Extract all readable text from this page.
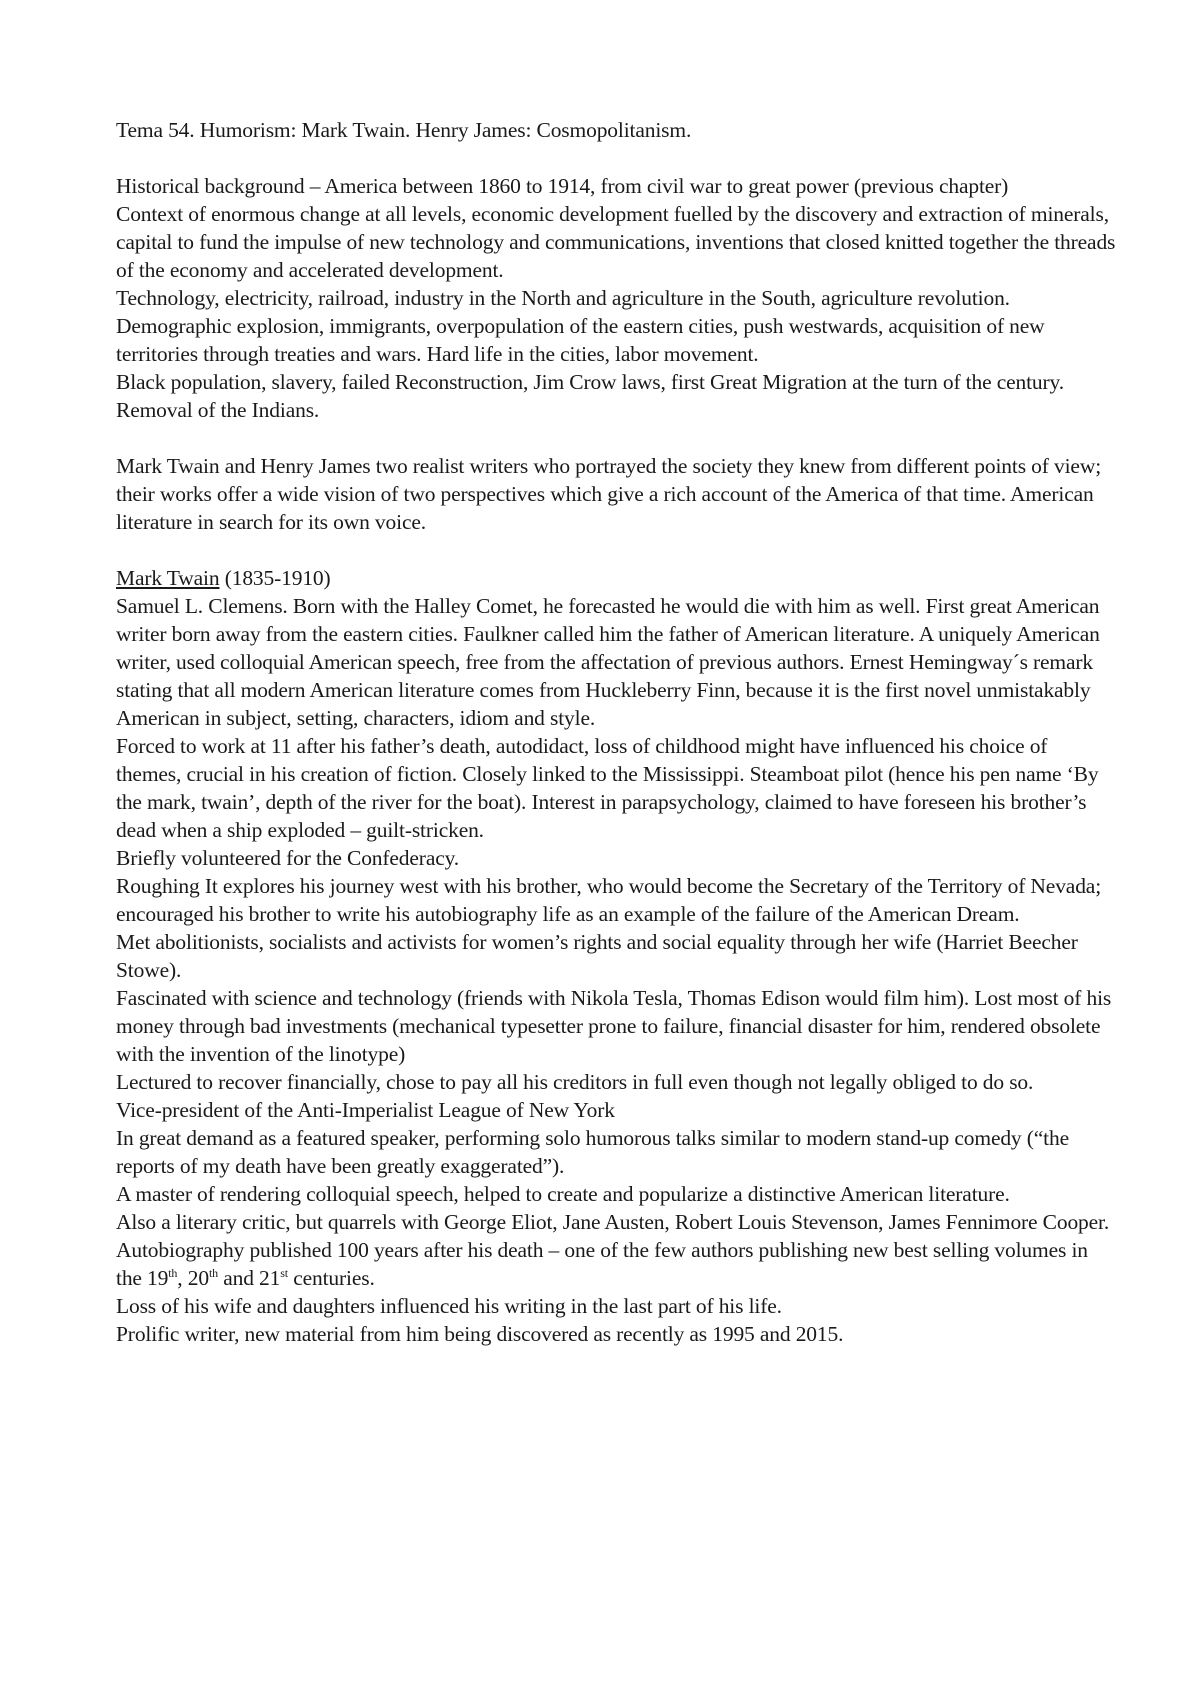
Tema 54. Humorism: Mark Twain. Henry James: Cosmopolitanism.

Historical background – America between 1860 to 1914, from civil war to great power (previous chapter)

Context of enormous change at all levels, economic development fuelled by the discovery and extraction of minerals, capital to fund the impulse of new technology and communications, inventions that closed knitted together the threads of the economy and accelerated development.

Technology, electricity, railroad, industry in the North and agriculture in the South, agriculture revolution. Demographic explosion, immigrants, overpopulation of the eastern cities, push westwards, acquisition of new territories through treaties and wars. Hard life in the cities, labor movement.

Black population, slavery, failed Reconstruction, Jim Crow laws, first Great Migration at the turn of the century. Removal of the Indians.

Mark Twain and Henry James two realist writers who portrayed the society they knew from different points of view; their works offer a wide vision of two perspectives which give a rich account of the America of that time. American literature in search for its own voice.

Mark Twain (1835-1910)

Samuel L. Clemens. Born with the Halley Comet, he forecasted he would die with him as well. First great American writer born away from the eastern cities. Faulkner called him the father of American literature. A uniquely American writer, used colloquial American speech, free from the affectation of previous authors. Ernest Hemingway´s remark stating that all modern American literature comes from Huckleberry Finn, because it is the first novel unmistakably American in subject, setting, characters, idiom and style.

Forced to work at 11 after his father’s death, autodidact, loss of childhood might have influenced his choice of themes, crucial in his creation of fiction. Closely linked to the Mississippi. Steamboat pilot (hence his pen name ‘By the mark, twain’, depth of the river for the boat). Interest in parapsychology, claimed to have foreseen his brother’s dead when a ship exploded – guilt-stricken.

Briefly volunteered for the Confederacy.

Roughing It explores his journey west with his brother, who would become the Secretary of the Territory of Nevada; encouraged his brother to write his autobiography life as an example of the failure of the American Dream.

Met abolitionists, socialists and activists for women’s rights and social equality through her wife (Harriet Beecher Stowe).

Fascinated with science and technology (friends with Nikola Tesla, Thomas Edison would film him). Lost most of his money through bad investments (mechanical typesetter prone to failure, financial disaster for him, rendered obsolete with the invention of the linotype)

Lectured to recover financially, chose to pay all his creditors in full even though not legally obliged to do so.

Vice-president of the Anti-Imperialist League of New York

In great demand as a featured speaker, performing solo humorous talks similar to modern stand-up comedy (“the reports of my death have been greatly exaggerated”).

A master of rendering colloquial speech, helped to create and popularize a distinctive American literature.

Also a literary critic, but quarrels with George Eliot, Jane Austen, Robert Louis Stevenson, James Fennimore Cooper.

Autobiography published 100 years after his death – one of the few authors publishing new best selling volumes in the 19th, 20th and 21st centuries.

Loss of his wife and daughters influenced his writing in the last part of his life.

Prolific writer, new material from him being discovered as recently as 1995 and 2015.
